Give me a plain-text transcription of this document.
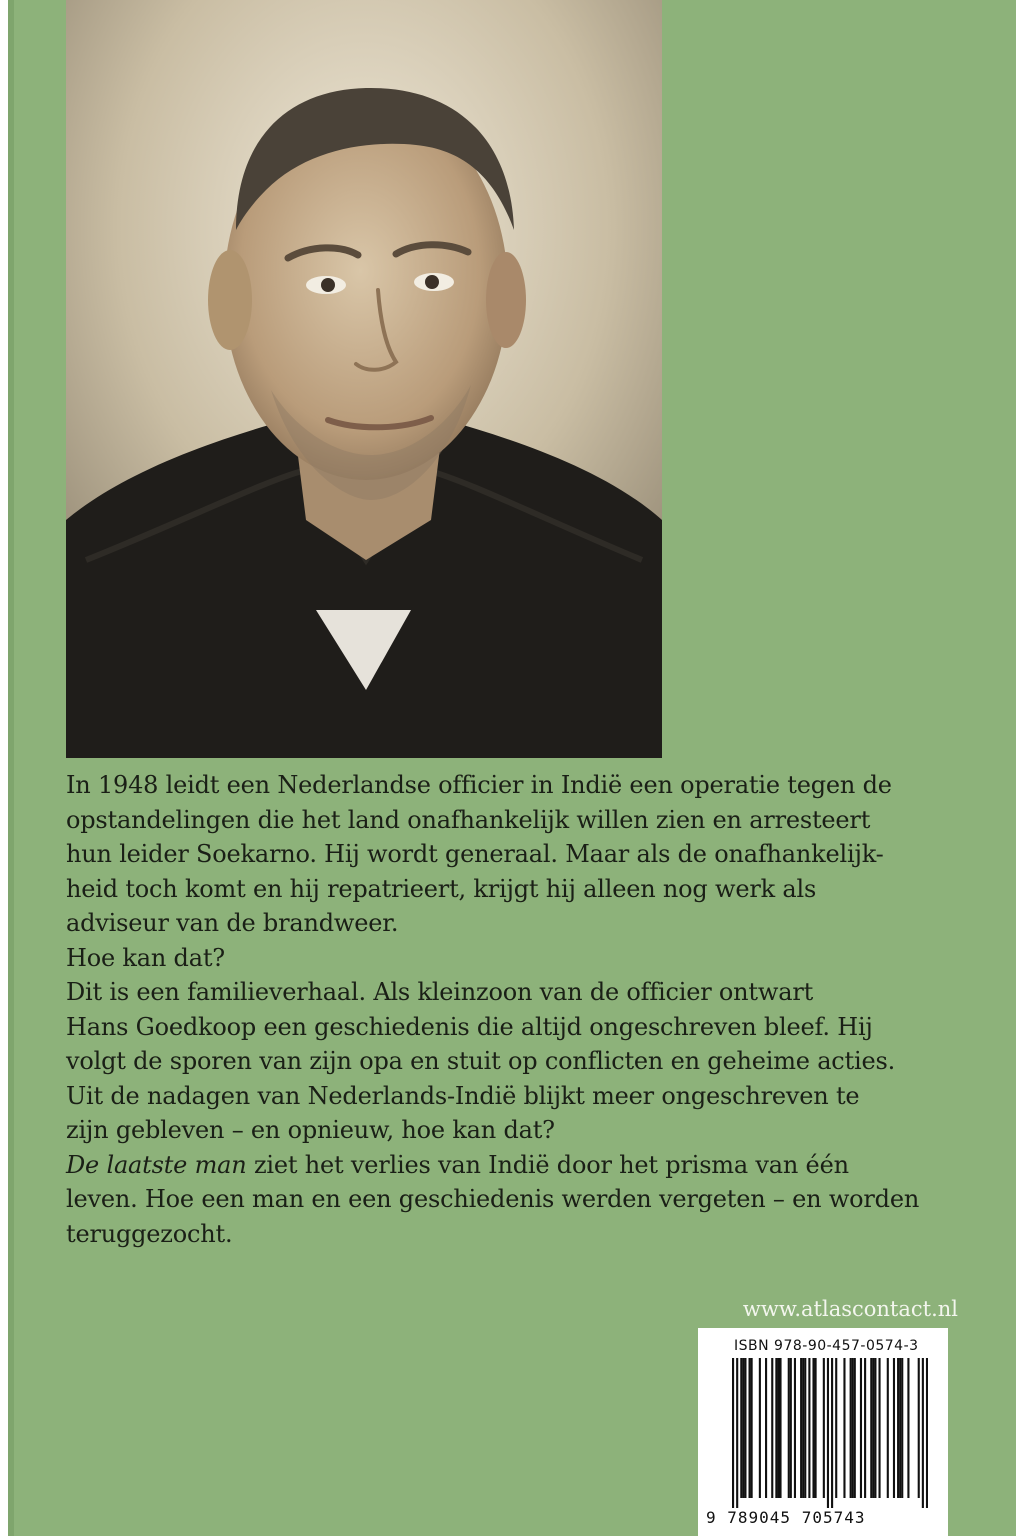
In 1948 leidt een Nederlandse officier in Indië een operatie tegen de

opstandelingen die het land onafhankelijk willen zien en arresteert

hun leider Soekarno. Hij wordt generaal. Maar als de onafhankelijk-

heid toch komt en hij repatrieert, krijgt hij alleen nog werk als

adviseur van de brandweer.

Hoe kan dat?

Dit is een familieverhaal. Als kleinzoon van de officier ontwart

Hans Goedkoop een geschiedenis die altijd ongeschreven bleef. Hij

volgt de sporen van zijn opa en stuit op conflicten en geheime acties.

Uit de nadagen van Nederlands-Indië blijkt meer ongeschreven te

zijn gebleven – en opnieuw, hoe kan dat?

De laatste man ziet het verlies van Indië door het prisma van één

leven. Hoe een man en een geschiedenis werden vergeten – en worden

teruggezocht.

www.atlascontact.nl
ISBN 978-90-457-0574-3
9 789045 705743
